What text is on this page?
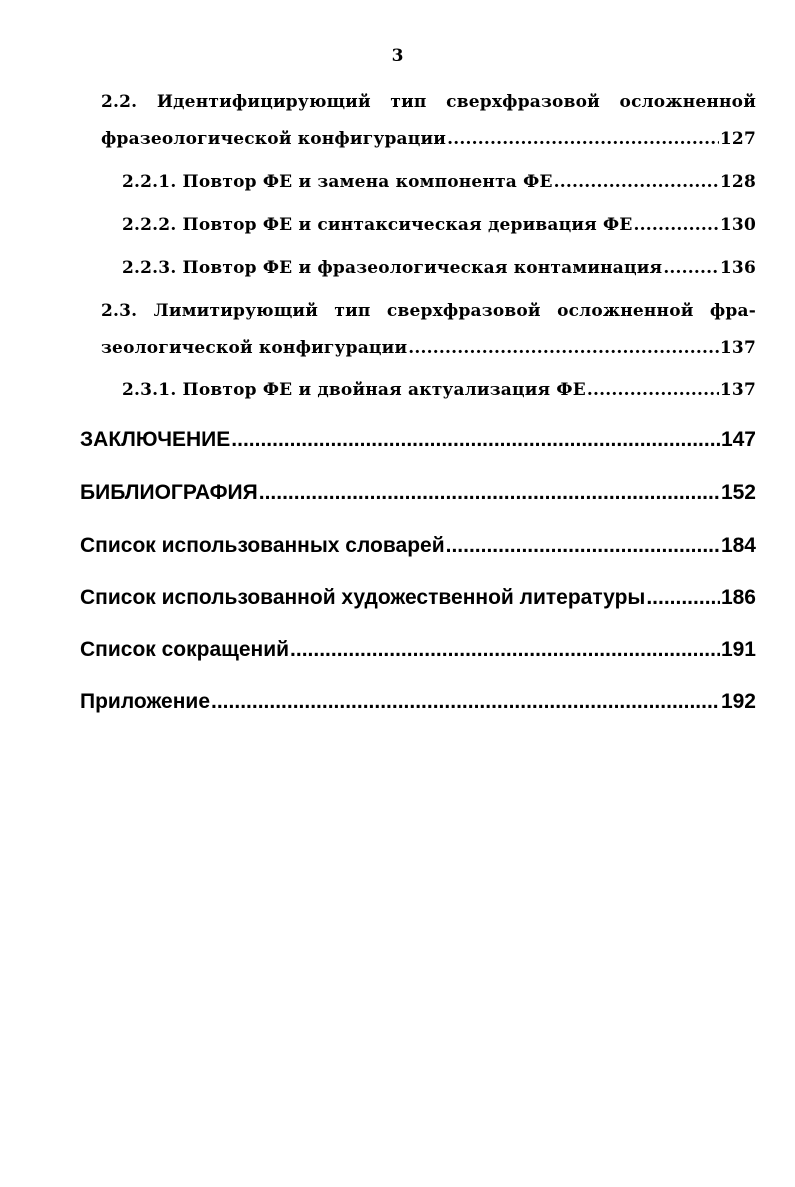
3
2.2. Идентифицирующий тип сверхфразовой осложненной
фразеологической конфигурации .....	127
2.2.1. Повтор ФЕ и замена компонента ФЕ .....	128
2.2.2. Повтор ФЕ и синтаксическая деривация ФЕ .....	130
2.2.3. Повтор ФЕ и фразеологическая контаминация .....	136
2.3. Лимитирующий тип сверхфразовой осложненной фра-
зеологической конфигурации .....	137
2.3.1. Повтор ФЕ и двойная актуализация ФЕ .....	137
ЗАКЛЮЧЕНИЕ .....	147
БИБЛИОГРАФИЯ .....	152
Список использованных словарей .....	184
Список использованной художественной литературы .....	186
Список сокращений .....	191
Приложение .....	192
